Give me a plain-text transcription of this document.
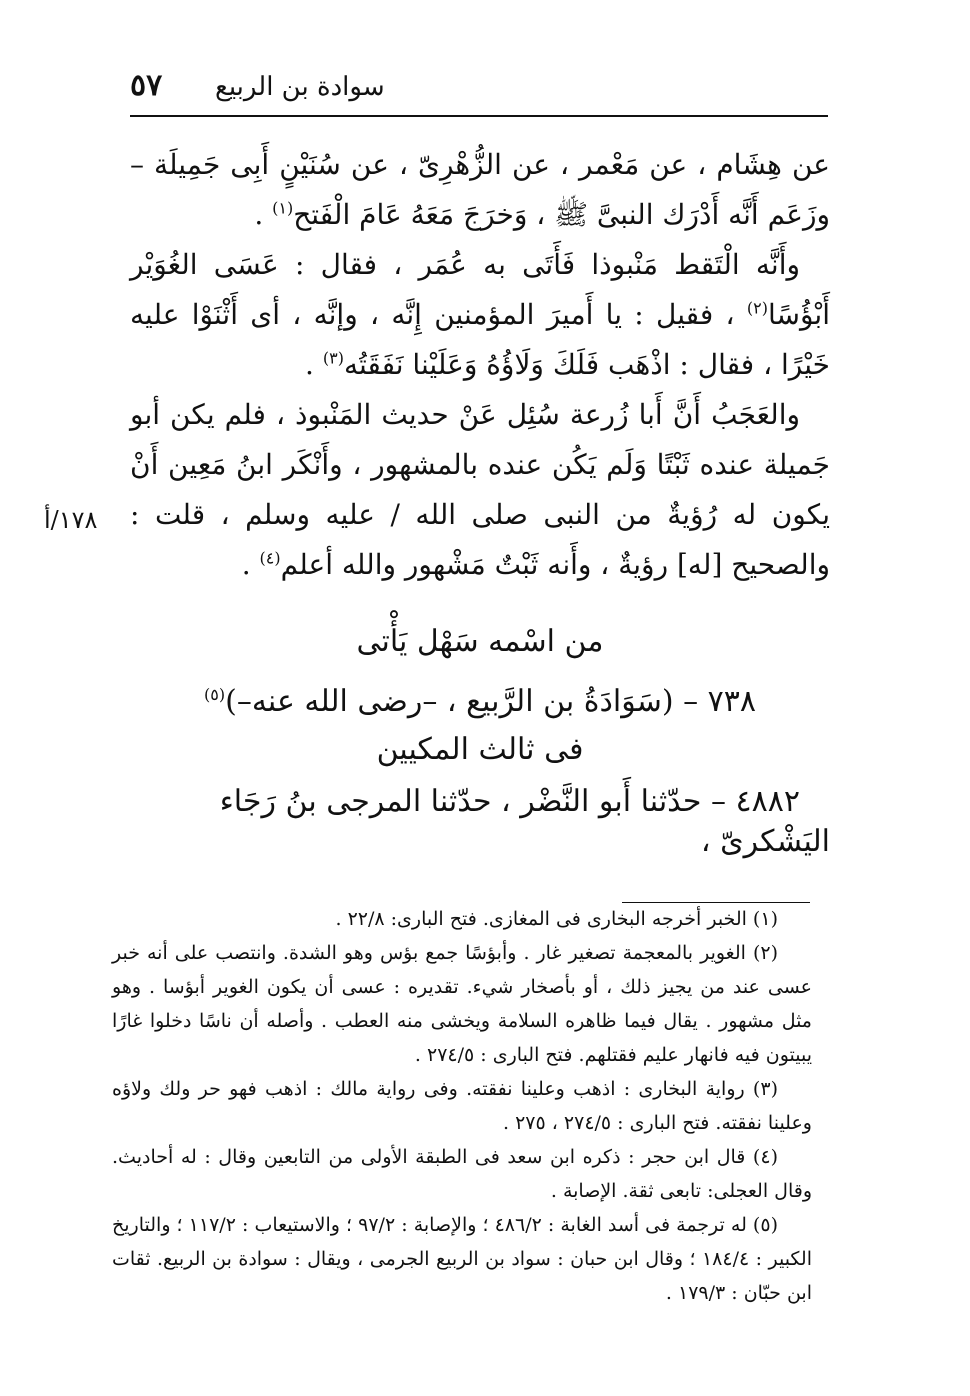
٥٧ سوادة بن الربيع

عن هِشَام ، عن مَعْمر ، عن الزُّهْرِىّ ، عن سُنَيْنٍ أَبِى جَمِيلَة – وزَعَم أَنَّه أَدْرَك النبىَّ ﷺ ، وَخرَجَ مَعَهُ عَامَ الْفَتح$^{(١)}$ .

وأَنَّه الْتَقط مَنْبوذا فَأَتَى به عُمَر ، فقال : عَسَى الغُوَيْر أَبْؤُسًا$^{(٢)}$ ، فقيل : يا أَميرَ المؤمنين إِنَّه ، وإنَّه ، أى أَثْنَوْا عليه خَيْرًا ، فقال : اذْهَب فَلَكَ وَلَاؤُهُ وَعَلَيْنا نَفَقَتُه$^{(٣)}$ .

والعَجَبُ أَنَّ أَبا زُرعة سُئِل عَنْ حديث المَنْبوذ ، فلم يكن أبو جَميلة عنده ثَبْتًا وَلَم يَكُن عنده بالمشهور ، وأَنْكَر ابنُ مَعِين أَنْ يكون له رُؤيةٌ من النبى صلى الله / عليه وسلم ، قلت : والصحيح [له] رؤيةٌ ، وأَنه ثَبْتٌ مَشْهور والله أعلم$^{(٤)}$ .

١٧٨/أ
من اسْمه سَهْل يَأْتى
٧٣٨ – (سَوَادَةُ بن الرَّبيع ، –رضى الله عنه–)$^{(٥)}$
فى ثالث المكيين
٤٨٨٢ – حدّثنا أَبو النَّضْر ، حدّثنا المرجى بنُ رَجَاء اليَشْكرىّ ،

(١) الخبر أخرجه البخارى فى المغازى. فتح البارى: ٢٢/٨ .

(٢) الغوير بالمعجمة تصغير غار . وأبؤسًا جمع بؤس وهو الشدة. وانتصب على أنه خبر عسى عند من يجيز ذلك ، أو بأصخار شيء. تقديره : عسى أن يكون الغوير أبؤسا . وهو مثل مشهور . يقال فيما ظاهره السلامة ويخشى منه العطب . وأصله أن ناسًا دخلوا غارًا يبيتون فيه فانهار عليم فقتلهم. فتح البارى : ٢٧٤/٥ .

(٣) رواية البخارى : اذهب وعلينا نفقته. وفى رواية مالك : اذهب فهو حر ولك ولاؤه وعلينا نفقته. فتح البارى : ٢٧٤/٥ ، ٢٧٥ .

(٤) قال ابن حجر : ذكره ابن سعد فى الطبقة الأولى من التابعين وقال : له أحاديث. وقال العجلى: تابعى ثقة. الإصابة .

(٥) له ترجمة فى أسد الغابة : ٤٨٦/٢ ؛ والإصابة : ٩٧/٢ ؛ والاستيعاب : ١١٧/٢ ؛ والتاريخ الكبير : ١٨٤/٤ ؛ وقال ابن حبان : سواد بن الربيع الجرمى ، ويقال : سوادة بن الربيع. ثقات ابن حبّان : ١٧٩/٣ .
